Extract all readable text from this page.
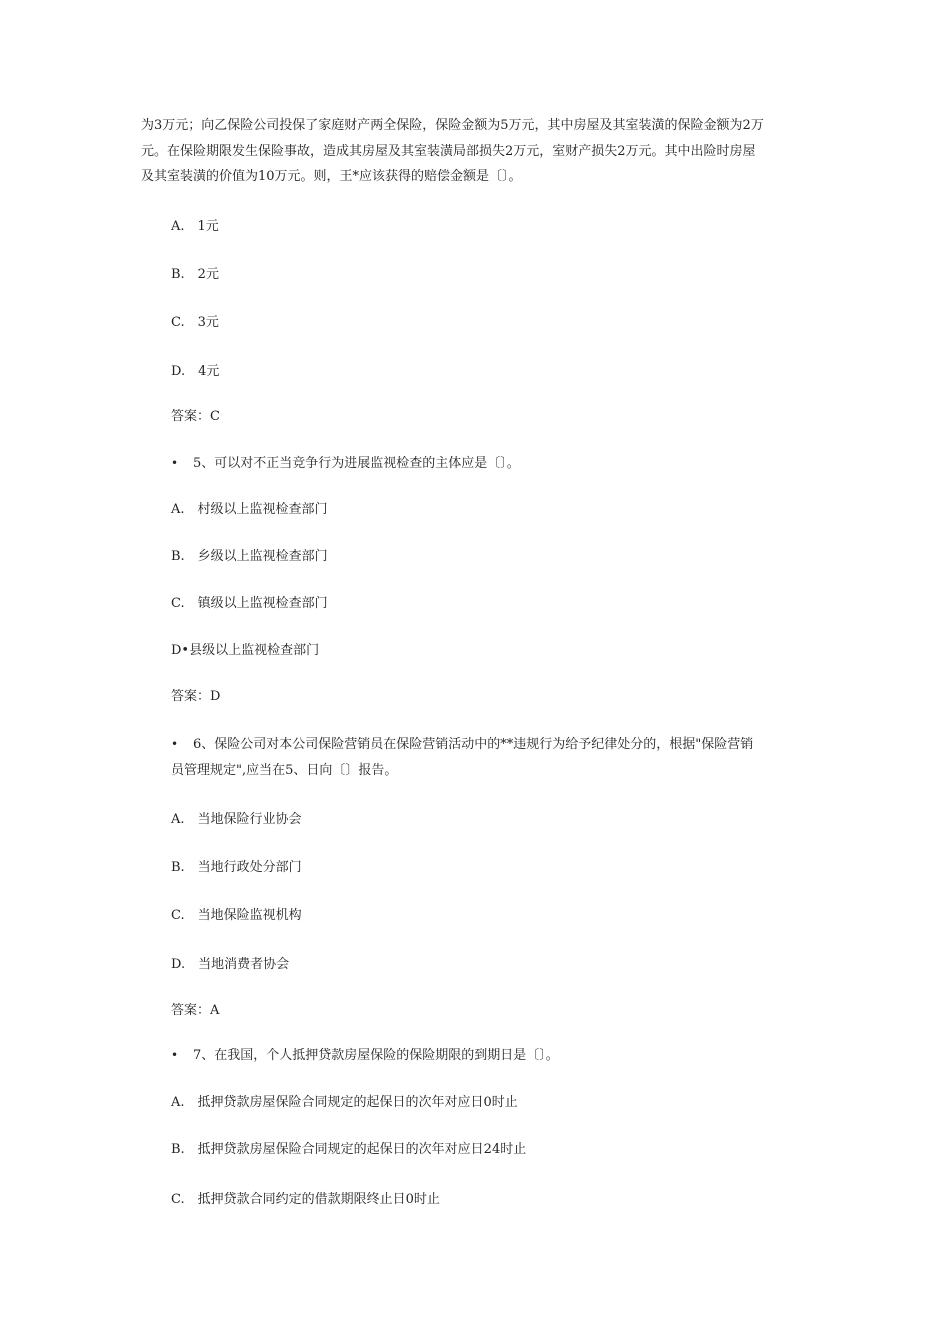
为3万元；向乙保险公司投保了家庭财产两全保险，保险金额为5万元，其中房屋及其室装潢的保险金额为2万
元。在保险期限发生保险事故，造成其房屋及其室装潢局部损失2万元，室财产损失2万元。其中出险时房屋
及其室装潢的价值为10万元。则，王*应该获得的赔偿金额是〔〕。
A.　1元
B.　2元
C.　3元
D.　4元
答案：C
• 5、可以对不正当竞争行为进展监视检查的主体应是〔〕。
A.　村级以上监视检查部门
B.　乡级以上监视检查部门
C.　镇级以上监视检查部门
D•县级以上监视检查部门
答案：D
• 6、保险公司对本公司保险营销员在保险营销活动中的**违规行为给予纪律处分的，根据"保险营销
员管理规定",应当在5、日向〔〕报告。
A.　当地保险行业协会
B.　当地行政处分部门
C.　当地保险监视机构
D.　当地消费者协会
答案：A
• 7、在我国，个人抵押贷款房屋保险的保险期限的到期日是〔〕。
A.　抵押贷款房屋保险合同规定的起保日的次年对应日0时止
B.　抵押贷款房屋保险合同规定的起保日的次年对应日24时止
C.　抵押贷款合同约定的借款期限终止日0时止
